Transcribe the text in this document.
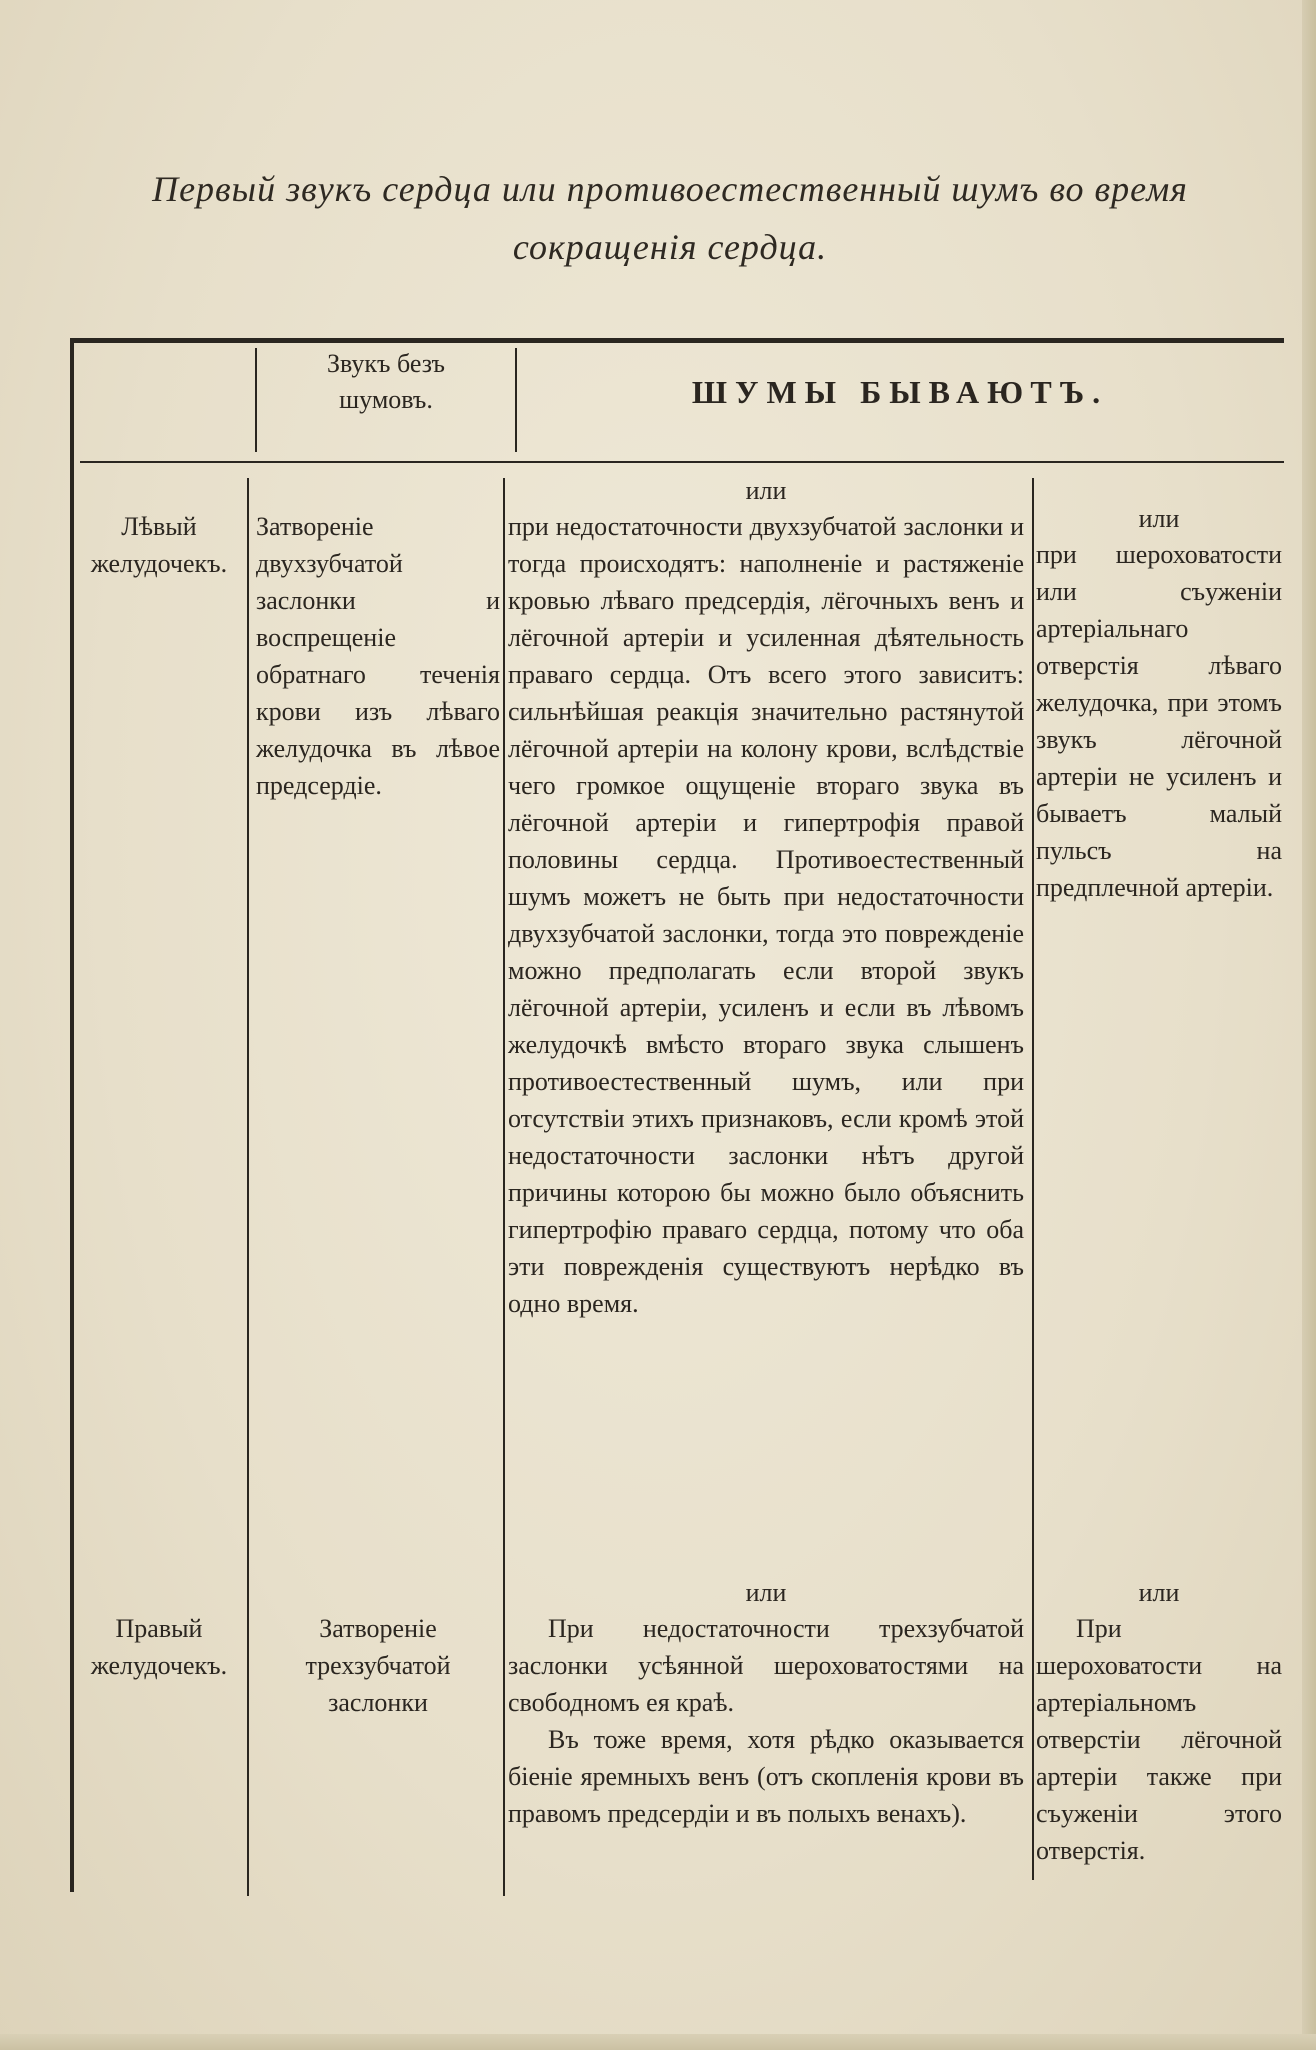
Первый звукъ сердца или противоестественный шумъ во время
сокращенія сердца.
Звукъ безъ
шумовъ.	ШУМЫ БЫВАЮТЪ.
Лѣвый желудочекъ.
Затвореніе двухзубчатой заслонки и воспрещеніе обратнаго теченія крови изъ лѣваго желудочка въ лѣвое предсердіе.
или
при недостаточности двухзубчатой заслонки и тогда происходятъ: наполненіе и растяженіе кровью лѣваго предсердія, лёгочныхъ венъ и лёгочной артеріи и усиленная дѣятельность праваго сердца. Отъ всего этого зависитъ: сильнѣйшая реакція значительно растянутой лёгочной артеріи на колону крови, вслѣдствіе чего громкое ощущеніе втораго звука въ лёгочной артеріи и гипертрофія правой половины сердца. Противоестественный шумъ можетъ не быть при недостаточности двухзубчатой заслонки, тогда это поврежденіе можно предполагать если второй звукъ лёгочной артеріи, усиленъ и если въ лѣвомъ желудочкѣ вмѣсто втораго звука слышенъ противоестественный шумъ, или при отсутствіи этихъ признаковъ, если кромѣ этой недостаточности заслонки нѣтъ другой причины которою бы можно было объяснить гипертрофію праваго сердца, потому что оба эти поврежденія существуютъ нерѣдко въ одно время.
или
при шероховатости или съуженіи артеріальнаго отверстія лѣваго желудочка, при этомъ звукъ лёгочной артеріи не усиленъ и бываетъ малый пульсъ на предплечной артеріи.
Правый желудочекъ.
Затвореніе трехзубчатой заслонки
или

При недостаточности трехзубчатой заслонки усѣянной шероховатостями на свободномъ ея краѣ.

Въ тоже время, хотя рѣдко оказывается біеніе яремныхъ венъ (отъ скопленія крови въ правомъ предсердіи и въ полыхъ венахъ).

или
При шероховатости на артеріальномъ отверстіи лёгочной артеріи также при съуженіи этого отверстія.
